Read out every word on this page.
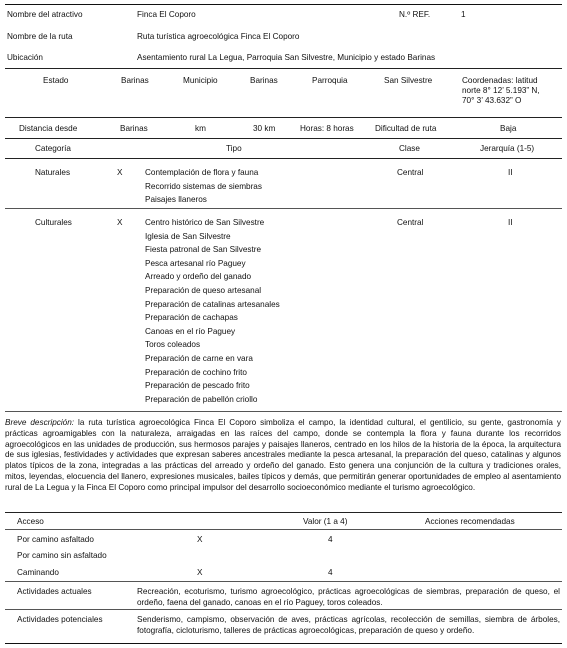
Nombre del atractivo	Finca El Coporo	N.º REF.	1
Nombre de la ruta	Ruta turística agroecológica Finca El Coporo
Ubicación	Asentamiento rural La Legua, Parroquia San Silvestre, Municipio y estado Barinas
Estado	Barinas	Municipio	Barinas	Parroquia	San Silvestre	Coordenadas: latitud
norte 8° 12’ 5.193” N,
70° 3’ 43.632” O
Distancia desde	Barinas	km	30 km	Horas: 8 horas	Dificultad de ruta	Baja
Categoría	Tipo	Clase	Jerarquía (1-5)
Naturales	X	Contemplación de flora y fauna
Recorrido sistemas de siembras
Paisajes llaneros
Central	II
Culturales	X	Centro histórico de San Silvestre
Iglesia de San Silvestre
Fiesta patronal de San Silvestre
Pesca artesanal río Paguey
Arreado y ordeño del ganado
Preparación de queso artesanal
Preparación de catalinas artesanales
Preparación de cachapas
Canoas en el río Paguey
Toros coleados
Preparación de carne en vara
Preparación de cochino frito
Preparación de pescado frito
Preparación de pabellón criollo
Central	II
Breve descripción: la ruta turística agroecológica Finca El Coporo simboliza el campo, la identidad cultural, el gentilicio, su gente, gastronomía y prácticas agroamigables con la naturaleza, arraigadas en las raíces del campo, donde se contempla la flora y fauna durante los recorridos agroecológicos en las unidades de producción, sus hermosos parajes y paisajes llaneros, centrado en los hilos de la historia de la época, la arquitectura de sus iglesias, festividades y actividades que expresan saberes ancestrales mediante la pesca artesanal, la preparación del queso, catalinas y algunos platos típicos de la zona, integradas a las prácticas del arreado y ordeño del ganado. Esto genera una conjunción de la cultura y tradiciones orales, mitos, leyendas, elocuencia del llanero, expresiones musicales, bailes típicos y demás, que permitirán generar oportunidades de empleo al asentamiento rural de La Legua y la Finca El Coporo como principal impulsor del desarrollo socioeconómico mediante el turismo agroecológico.
Acceso	Valor (1 a 4)	Acciones recomendadas
Por camino asfaltado	X	4
Por camino sin asfaltado
Caminando	X	4
Actividades actuales	Recreación, ecoturismo, turismo agroecológico, prácticas agroecológicas de siembras, preparación de queso, el ordeño, faena del ganado, canoas en el río Paguey, toros coleados.
Actividades potenciales	Senderismo, campismo, observación de aves, prácticas agrícolas, recolección de semillas, siembra de árboles, fotografía, cicloturismo, talleres de prácticas agroecológicas, preparación de queso y ordeño.
